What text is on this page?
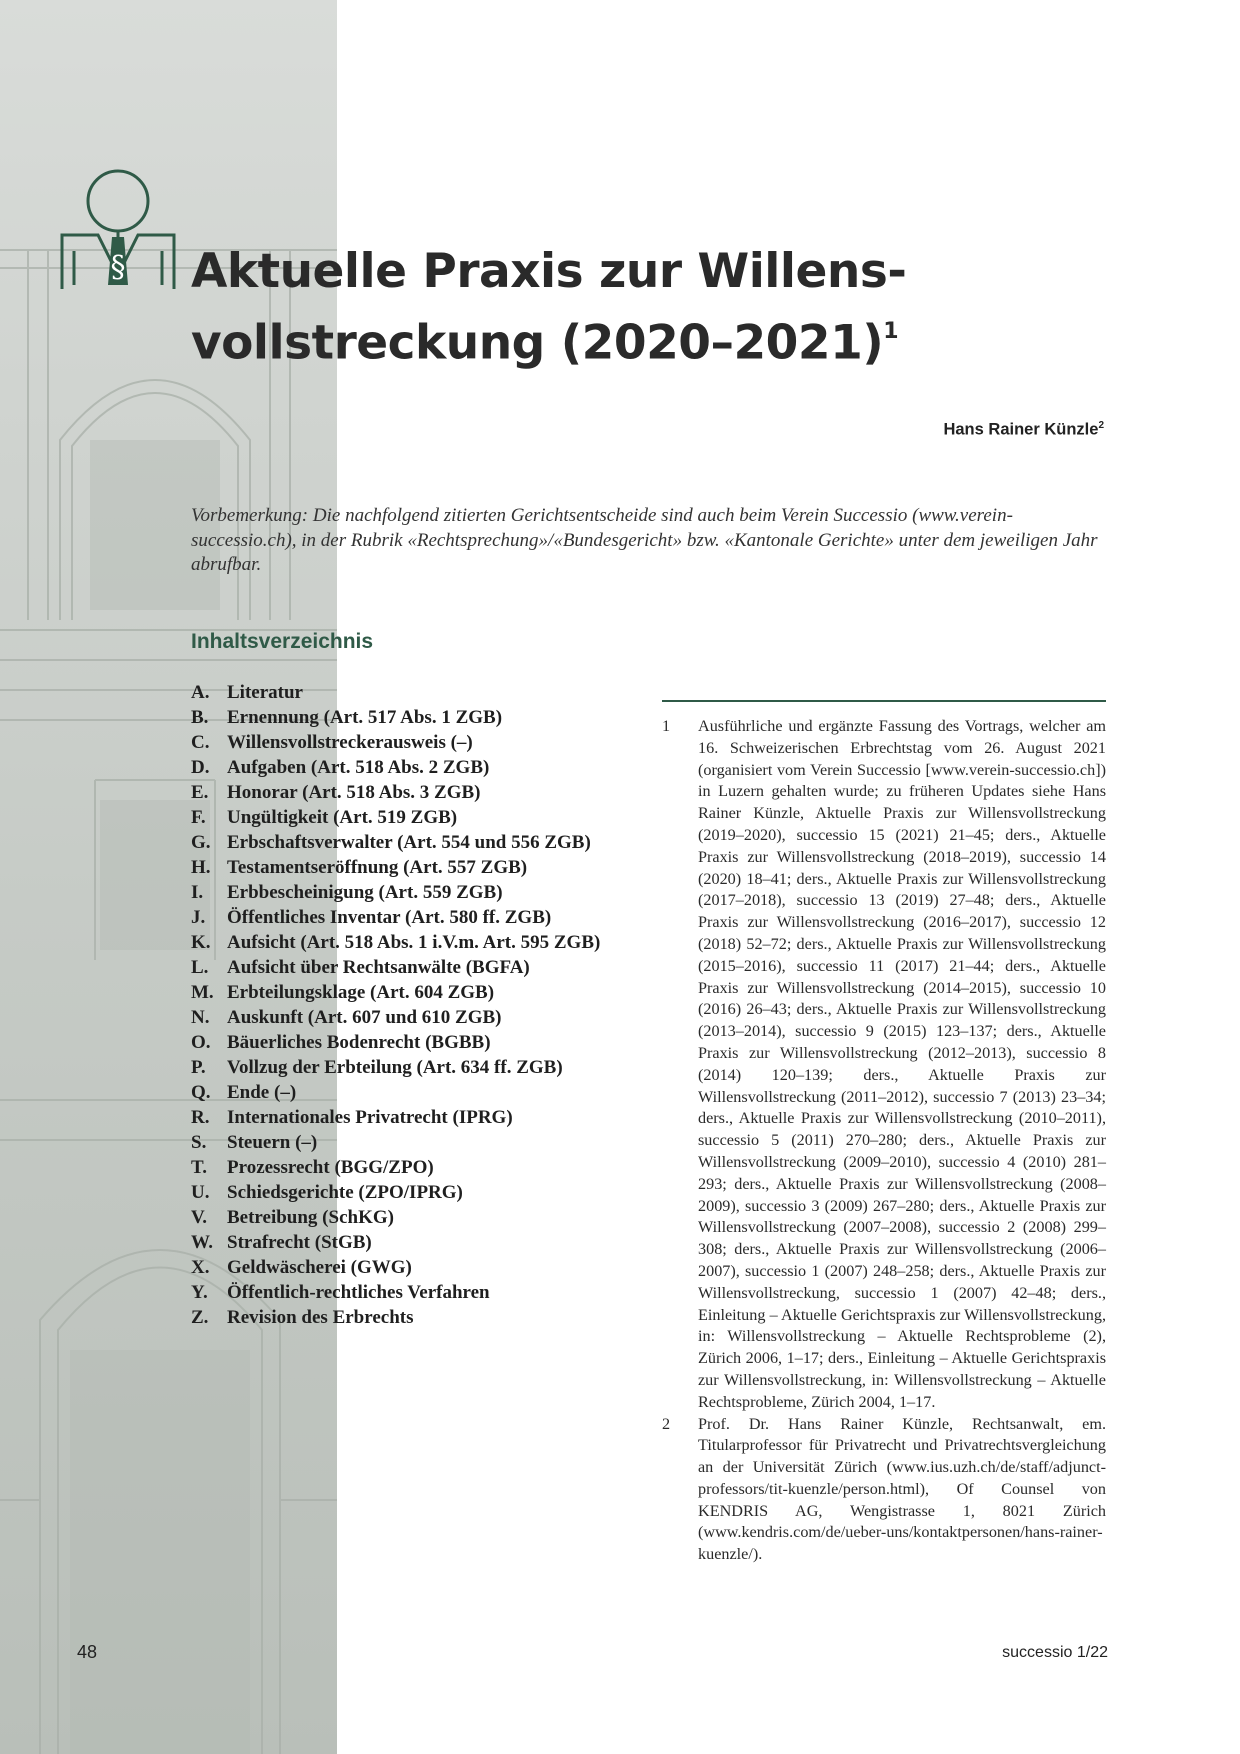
§ Aktuelle Praxis zur Willens-
vollstreckung (2020–2021)$^1$

Hans Rainer Künzle$^2$

Vorbemerkung: Die nachfolgend zitierten Gerichtsentscheide sind auch beim Verein Successio (www.verein-successio.ch), in der Rubrik «Rechtsprechung»/«Bundesgericht» bzw. «Kantonale Gerichte» unter dem jeweiligen Jahr abrufbar.

Inhaltsverzeichnis
A. Literatur
B. Ernennung (Art. 517 Abs. 1 ZGB)
C. Willensvollstreckerausweis (–)
D. Aufgaben (Art. 518 Abs. 2 ZGB)
E. Honorar (Art. 518 Abs. 3 ZGB)
F.	Ungültigkeit (Art. 519 ZGB)
G. Erbschaftsverwalter (Art. 554 und 556 ZGB)
H. Testamentseröffnung (Art. 557 ZGB)
I.	Erbbescheinigung (Art. 559 ZGB)
J.	Öffentliches Inventar (Art. 580 ff. ZGB)
K. Aufsicht (Art. 518 Abs. 1 i.V.m. Art. 595 ZGB)
L. Aufsicht über Rechtsanwälte (BGFA)
M. Erbteilungsklage (Art. 604 ZGB)
N. Auskunft (Art. 607 und 610 ZGB)
O. Bäuerliches Bodenrecht (BGBB)
P.	Vollzug der Erbteilung (Art. 634 ff. ZGB)
Q. Ende (–)
R. Internationales Privatrecht (IPRG)
S.	Steuern (–)
T.	Prozessrecht (BGG/ZPO)
U. Schiedsgerichte (ZPO/IPRG)
V.	Betreibung (SchKG)
W. Strafrecht (StGB)
X. Geldwäscherei (GWG)
Y.	Öffentlich-rechtliches Verfahren
Z. Revision des Erbrechts
1	Ausführliche und ergänzte Fassung des Vortrags, welcher am 16. Schweizerischen Erbrechtstag vom 26. August 2021 (organisiert vom Verein Successio [www.verein-successio.ch]) in Luzern gehalten wurde; zu früheren Updates siehe Hans Rainer Künzle, Aktuelle Praxis zur Willensvollstreckung (2019–2020), successio 15 (2021) 21–45; ders., Aktuelle Praxis zur Willensvollstreckung (2018–2019), successio 14 (2020) 18–41; ders., Aktuelle Praxis zur Willensvollstreckung (2017–2018), successio 13 (2019) 27–48; ders., Aktuelle Praxis zur Willensvollstreckung (2016–2017), successio 12 (2018) 52–72; ders., Aktuelle Praxis zur Willensvollstreckung (2015–2016), successio 11 (2017) 21–44; ders., Aktuelle Praxis zur Willensvollstreckung (2014–2015), successio 10 (2016) 26–43; ders., Aktuelle Praxis zur Willensvollstreckung (2013–2014), successio 9 (2015) 123–137; ders., Aktuelle Praxis zur Willensvollstreckung (2012–2013), successio 8 (2014) 120–139; ders., Aktuelle Praxis zur Willensvollstreckung (2011–2012), successio 7 (2013) 23–34; ders., Aktuelle Praxis zur Willensvollstreckung (2010–2011), successio 5 (2011) 270–280; ders., Aktuelle Praxis zur Willensvollstreckung (2009–2010), successio 4 (2010) 281–293; ders., Aktuelle Praxis zur Willensvollstreckung (2008–2009), successio 3 (2009) 267–280; ders., Aktuelle Praxis zur Willensvollstreckung (2007–2008), successio 2 (2008) 299–308; ders., Aktuelle Praxis zur Willensvollstreckung (2006–2007), successio 1 (2007) 248–258; ders., Aktuelle Praxis zur Willensvollstreckung, successio 1 (2007) 42–48; ders., Einleitung – Aktuelle Gerichtspraxis zur Willensvollstreckung, in: Willensvollstreckung – Aktuelle Rechtsprobleme (2), Zürich 2006, 1–17; ders., Einleitung – Aktuelle Gerichtspraxis zur Willensvollstreckung, in: Willensvollstreckung – Aktuelle Rechtsprobleme, Zürich 2004, 1–17.
2	Prof. Dr. Hans Rainer Künzle, Rechtsanwalt, em. Titularprofessor für Privatrecht und Privatrechtsvergleichung an der Universität Zürich (www.ius.uzh.ch/de/staff/adjunct-professors/tit-kuenzle/person.html), Of Counsel von KENDRIS AG, Wengistrasse 1, 8021 Zürich (www.kendris.com/de/ueber-uns/kontaktpersonen/hans-rainer-kuenzle/).
48	successio 1/22
